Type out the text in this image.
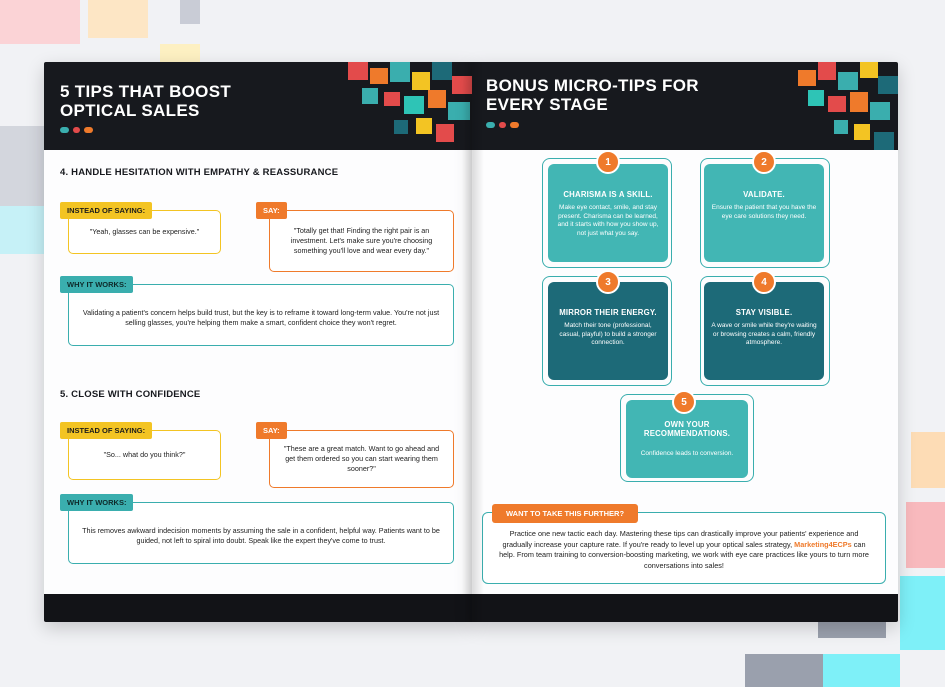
5 TIPS THAT BOOST OPTICAL SALES
4. HANDLE HESITATION WITH EMPATHY & REASSURANCE
"Yeah, glasses can be expensive."
INSTEAD OF SAYING:
"Totally get that! Finding the right pair is an investment. Let's make sure you're choosing something you'll love and wear every day."
SAY:
Validating a patient's concern helps build trust, but the key is to reframe it toward long-term value. You're not just selling glasses, you're helping them make a smart, confident choice they won't regret.
WHY IT WORKS:
5. CLOSE WITH CONFIDENCE
"So... what do you think?"
INSTEAD OF SAYING:
"These are a great match. Want to go ahead and get them ordered so you can start wearing them sooner?"
SAY:
This removes awkward indecision moments by assuming the sale in a confident, helpful way. Patients want to be guided, not left to spiral into doubt. Speak like the expert they've come to trust.
WHY IT WORKS:
BONUS MICRO-TIPS FOR EVERY STAGE
CHARISMA IS A SKILL.

Make eye contact, smile, and stay present. Charisma can be learned, and it starts with how you show up, not just what you say.

1
VALIDATE.

Ensure the patient that you have the eye care solutions they need.

2
MIRROR THEIR ENERGY.

Match their tone (professional, casual, playful) to build a stronger connection.

3
STAY VISIBLE.

A wave or smile while they're waiting or browsing creates a calm, friendly atmosphere.

4
OWN YOUR RECOMMENDATIONS.

Confidence leads to conversion.

5
Practice one new tactic each day. Mastering these tips can drastically improve your patients' experience and gradually increase your capture rate. If you're ready to level up your optical sales strategy, Marketing4ECPs can help. From team training to conversion-boosting marketing, we work with eye care practices like yours to turn more conversations into sales!
WANT TO TAKE THIS FURTHER?
